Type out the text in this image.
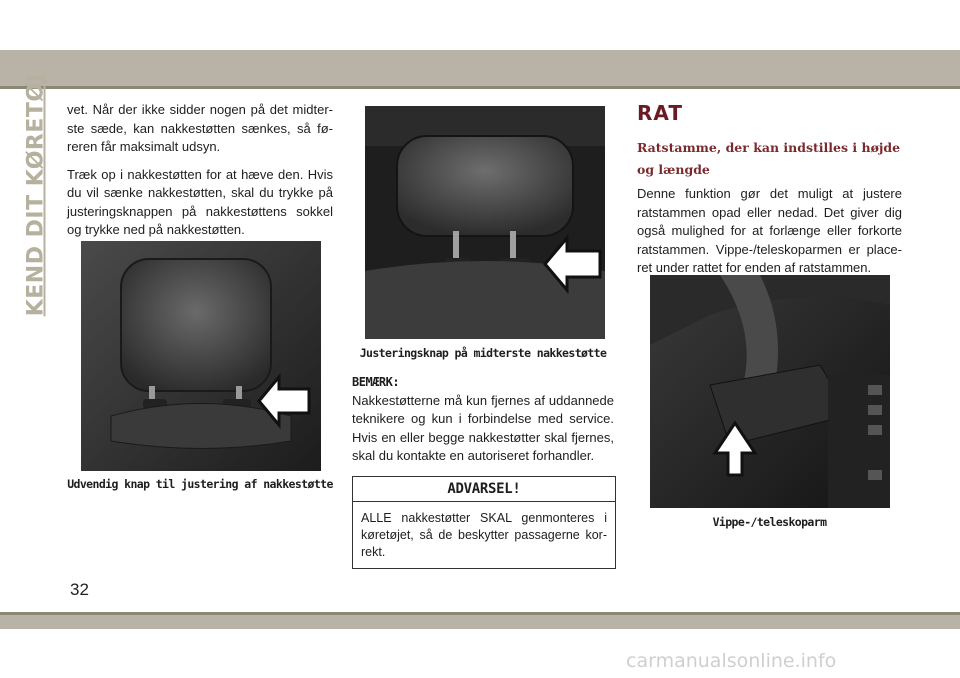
KEND DIT KØRETØJ vet. Når der ikke sidder nogen på det midter-ste sæde, kan nakkestøtten sænkes, så fø-reren får maksimalt udsyn.

Træk op i nakkestøtten for at hæve den. Hvis du vil sænke nakkestøtten, skal du trykke på justeringsknappen på nakkestøttens sokkel og trykke ned på nakkestøtten.

Udvendig knap til justering af nakkestøtte
Justeringsknap på midterste nakkestøtte
BEMÆRK:
Nakkestøtterne må kun fjernes af uddannede teknikere og kun i forbindelse med service. Hvis en eller begge nakkestøtter skal fjernes, skal du kontakte en autoriseret forhandler.
ADVARSEL!
ALLE nakkestøtter SKAL genmonteres i køretøjet, så de beskytter passagerne kor-rekt.
RAT
Ratstamme, der kan indstilles i højde og længde

Denne funktion gør det muligt at justere ratstammen opad eller nedad. Det giver dig også mulighed for at forlænge eller forkorte ratstammen. Vippe-/teleskoparmen er place-ret under rattet for enden af ratstammen.

Vippe-/teleskoparm
32
carmanualsonline.info
